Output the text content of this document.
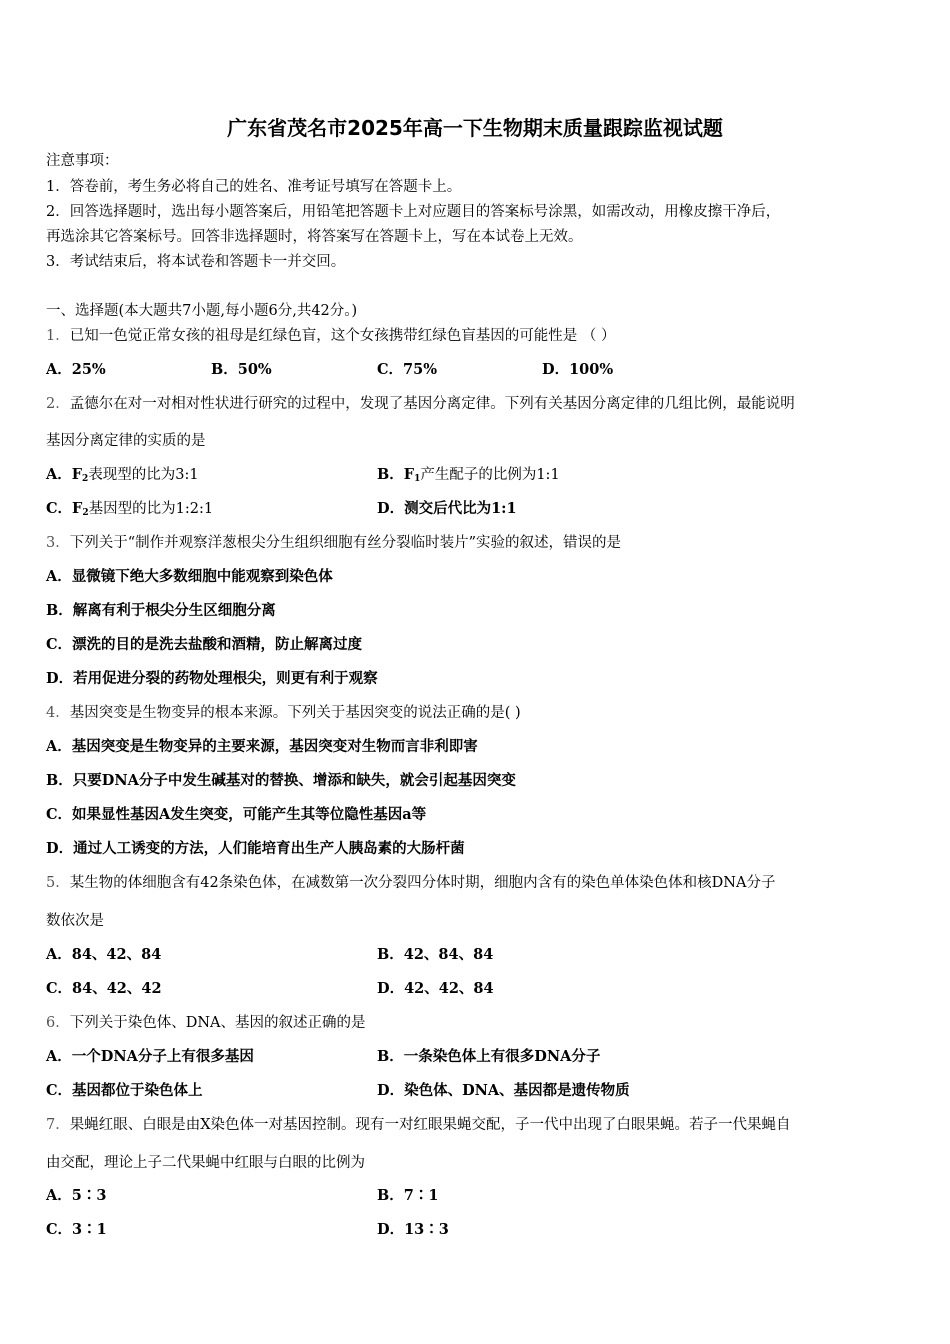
广东省茂名市2025年高一下生物期末质量跟踪监视试题
注意事项：
1．答卷前，考生务必将自己的姓名、准考证号填写在答题卡上。
2．回答选择题时，选出每小题答案后，用铅笔把答题卡上对应题目的答案标号涂黑，如需改动，用橡皮擦干净后，
再选涂其它答案标号。回答非选择题时，将答案写在答题卡上，写在本试卷上无效。
3．考试结束后，将本试卷和答题卡一并交回。
一、选择题(本大题共7小题,每小题6分,共42分。)
1．已知一色觉正常女孩的祖母是红绿色盲，这个女孩携带红绿色盲基因的可能性是 （ ）
A．25%	B．50%	C．75%	D．100%
2．孟德尔在对一对相对性状进行研究的过程中，发现了基因分离定律。下列有关基因分离定律的几组比例，最能说明
基因分离定律的实质的是
A．$F_2$表现型的比为3:1	B．$F_1$产生配子的比例为1:1
C．$F_2$基因型的比为1:2:1	D．测交后代比为1:1
3．下列关于“制作并观察洋葱根尖分生组织细胞有丝分裂临时装片”实验的叙述，错误的是
A．显微镜下绝大多数细胞中能观察到染色体
B．解离有利于根尖分生区细胞分离
C．漂洗的目的是洗去盐酸和酒精，防止解离过度
D．若用促进分裂的药物处理根尖，则更有利于观察
4．基因突变是生物变异的根本来源。下列关于基因突变的说法正确的是( )
A．基因突变是生物变异的主要来源，基因突变对生物而言非利即害
B．只要DNA分子中发生碱基对的替换、增添和缺失，就会引起基因突变
C．如果显性基因A发生突变，可能产生其等位隐性基因a等
D．通过人工诱变的方法，人们能培育出生产人胰岛素的大肠杆菌
5．某生物的体细胞含有42条染色体，在减数第一次分裂四分体时期，细胞内含有的染色单体染色体和核DNA分子
数依次是
A．84、42、84	B．42、84、84
C．84、42、42	D．42、42、84
6．下列关于染色体、DNA、基因的叙述正确的是
A．一个DNA分子上有很多基因	B．一条染色体上有很多DNA分子
C．基因都位于染色体上	D．染色体、DNA、基因都是遗传物质
7．果蝇红眼、白眼是由X染色体一对基因控制。现有一对红眼果蝇交配，子一代中出现了白眼果蝇。若子一代果蝇自
由交配，理论上子二代果蝇中红眼与白眼的比例为
A．5∶3	B．7∶1
C．3∶1	D．13∶3
